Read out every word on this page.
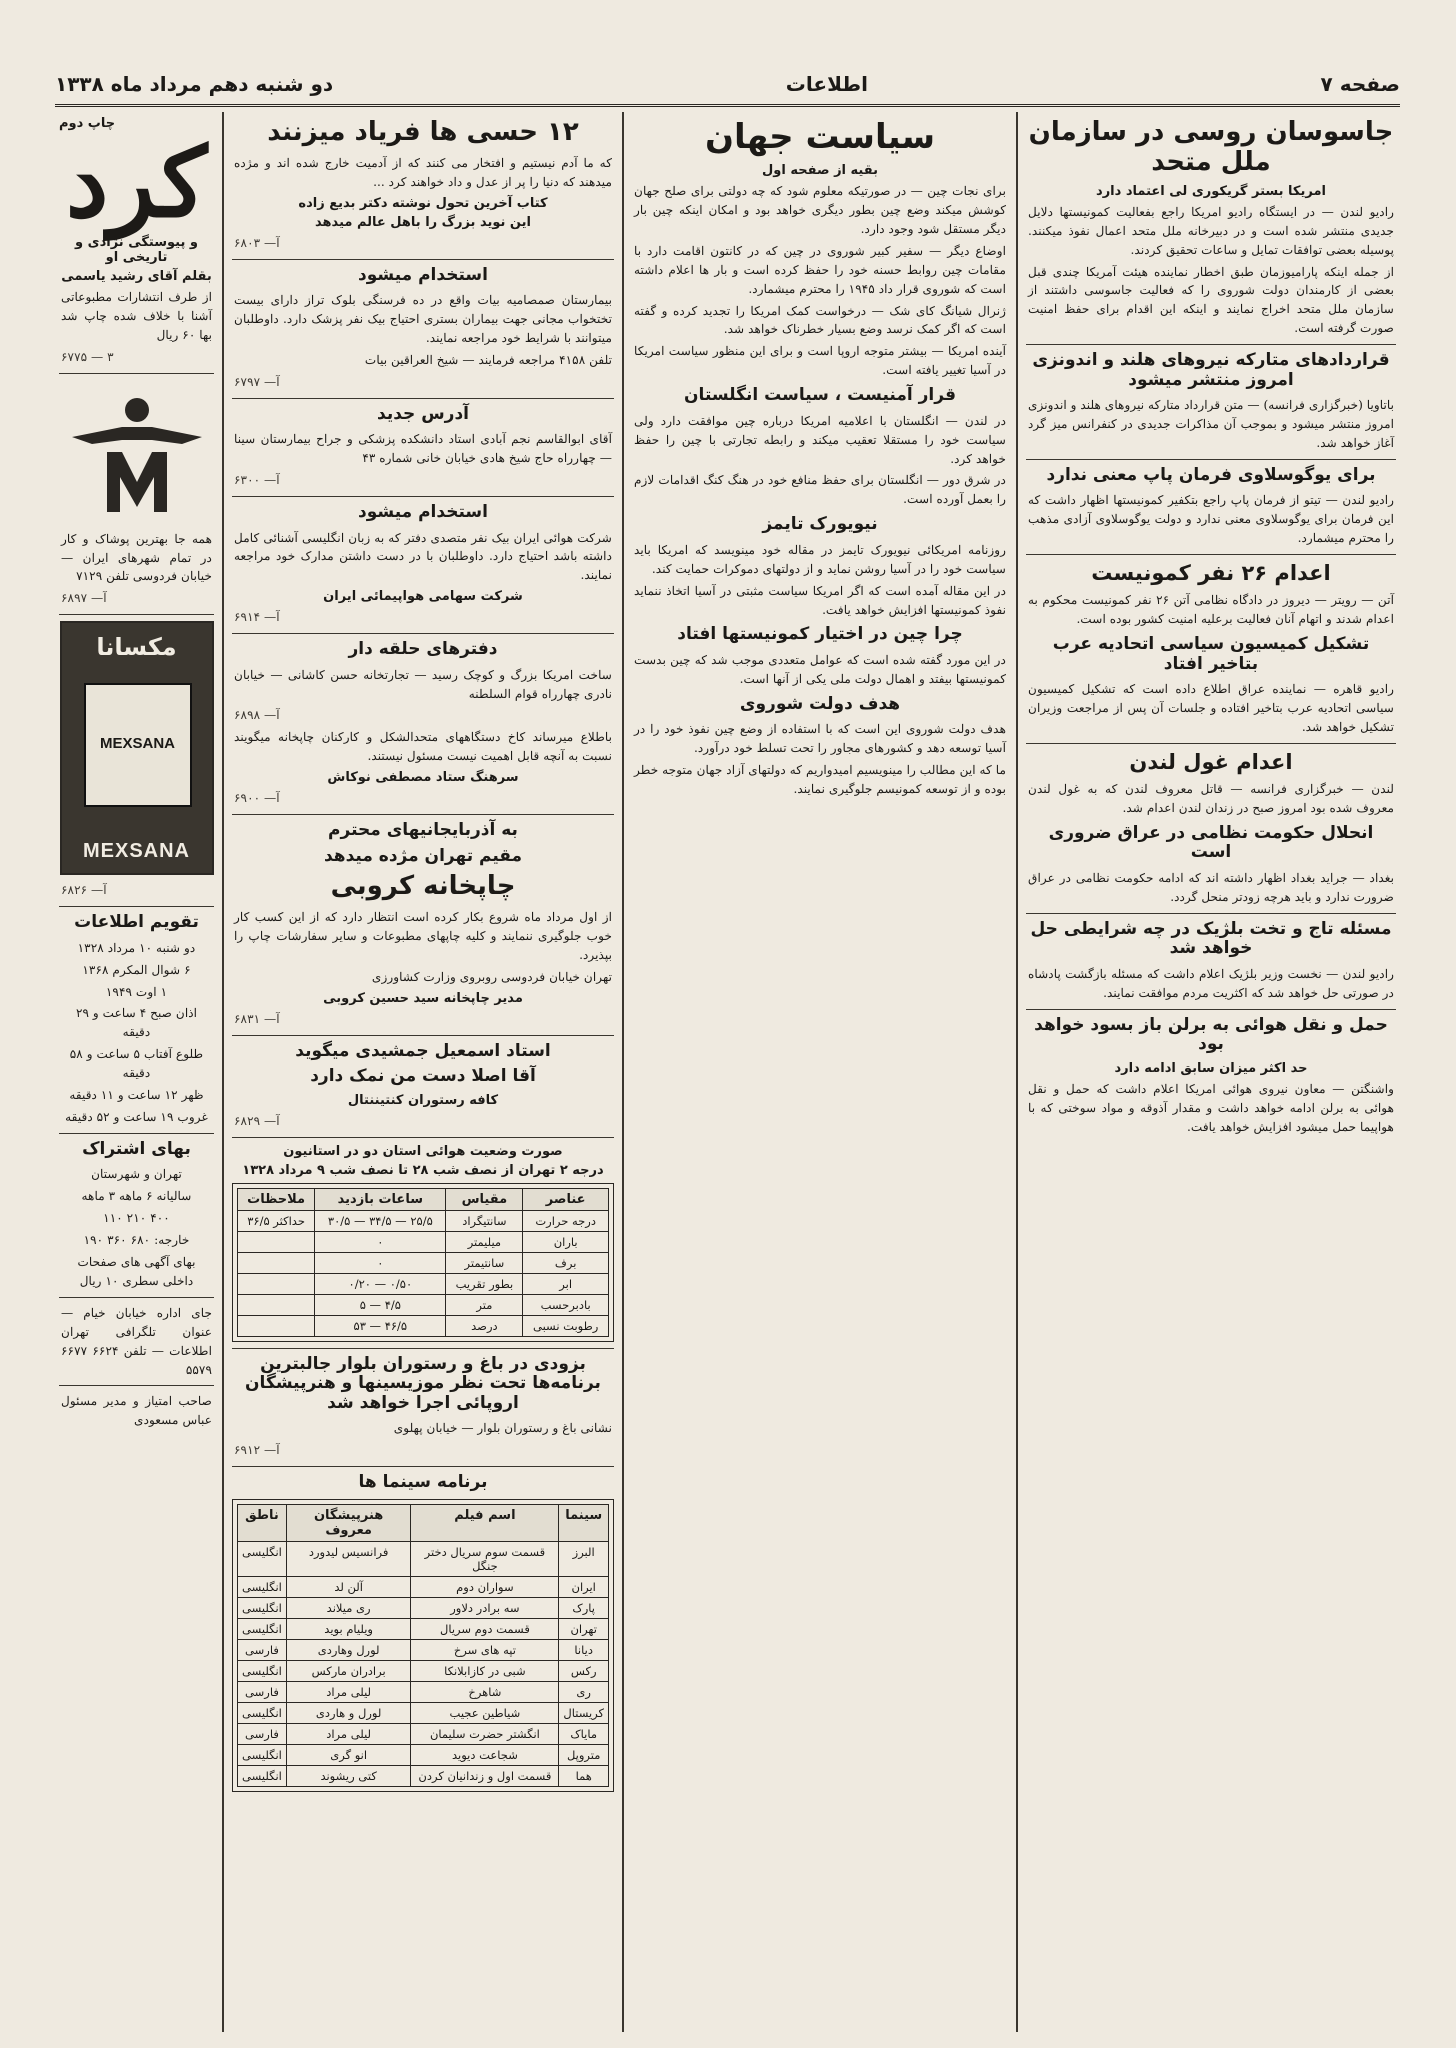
صفحه ۷
اطلاعات
دو شنبه دهم مرداد ماه ۱۳۳۸
جاسوسان روسی در سازمان ملل متحد
امریکا بستر گریکوری لی اعتماد دارد
رادیو لندن — در ایستگاه رادیو امریکا راجع بفعالیت کمونیستها دلایل جدیدی منتشر شده است و در دبیرخانه ملل متحد اعمال نفوذ میکنند. پوسیله بعضی توافقات تمایل و ساعات تحقیق کردند.
از جمله اینکه پارامیوزمان طبق اخطار نماینده هیئت آمریکا چندی قبل بعضی از کارمندان دولت شوروی را که فعالیت جاسوسی داشتند از سازمان ملل متحد اخراج نمایند و اینکه این اقدام برای حفظ امنیت صورت گرفته است.
قراردادهای متارکه نیروهای هلند و اندونزی امروز منتشر میشود
باتاویا (خبرگزاری فرانسه) — متن قرارداد متارکه نیروهای هلند و اندونزی امروز منتشر میشود و بموجب آن مذاکرات جدیدی در کنفرانس میز گرد آغاز خواهد شد.
برای یوگوسلاوی فرمان پاپ معنی ندارد
رادیو لندن — تیتو از فرمان پاپ راجع بتکفیر کمونیستها اظهار داشت که این فرمان برای یوگوسلاوی معنی ندارد و دولت یوگوسلاوی آزادی مذهب را محترم میشمارد.
اعدام ۲۶ نفر کمونیست
آتن — رویتر — دیروز در دادگاه نظامی آتن ۲۶ نفر کمونیست محکوم به اعدام شدند و اتهام آنان فعالیت برعلیه امنیت کشور بوده است.
تشکیل کمیسیون سیاسی اتحادیه عرب بتاخیر افتاد
رادیو قاهره — نماینده عراق اطلاع داده است که تشکیل کمیسیون سیاسی اتحادیه عرب بتاخیر افتاده و جلسات آن پس از مراجعت وزیران تشکیل خواهد شد.
اعدام غول لندن
لندن — خبرگزاری فرانسه — قاتل معروف لندن که به غول لندن معروف شده بود امروز صبح در زندان لندن اعدام شد.
انحلال حکومت نظامی در عراق ضروری است
بغداد — جراید بغداد اظهار داشته اند که ادامه حکومت نظامی در عراق ضرورت ندارد و باید هرچه زودتر منحل گردد.
مسئله تاج و تخت بلژیک در چه شرایطی حل خواهد شد
رادیو لندن — نخست وزیر بلژیک اعلام داشت که مسئله بازگشت پادشاه در صورتی حل خواهد شد که اکثریت مردم موافقت نمایند.
حمل و نقل هوائی به برلن باز بسود خواهد بود
حد اکثر میزان سابق ادامه دارد
واشنگتن — معاون نیروی هوائی امریکا اعلام داشت که حمل و نقل هوائی به برلن ادامه خواهد داشت و مقدار آذوقه و مواد سوختی که با هواپیما حمل میشود افزایش خواهد یافت.
سیاست جهان
بقیه از صفحه اول
برای نجات چین — در صورتیکه معلوم شود که چه دولتی برای صلح جهان کوشش میکند وضع چین بطور دیگری خواهد بود و امکان اینکه چین بار دیگر مستقل شود وجود دارد.
اوضاع دیگر — سفیر کبیر شوروی در چین که در کانتون اقامت دارد با مقامات چین روابط حسنه خود را حفظ کرده است و بار ها اعلام داشته است که شوروی قرار داد ۱۹۴۵ را محترم میشمارد.
ژنرال شیانگ کای شک — درخواست کمک امریکا را تجدید کرده و گفته است که اگر کمک نرسد وضع بسیار خطرناک خواهد شد.
آینده امریکا — بیشتر متوجه اروپا است و برای این منظور سیاست امریکا در آسیا تغییر یافته است.
قرار آمنیست ، سیاست انگلستان
در لندن — انگلستان با اعلامیه امریکا درباره چین موافقت دارد ولی سیاست خود را مستقلا تعقیب میکند و رابطه تجارتی با چین را حفظ خواهد کرد.
در شرق دور — انگلستان برای حفظ منافع خود در هنگ کنگ اقدامات لازم را بعمل آورده است.
نیویورک تایمز
روزنامه امریکائی نیویورک تایمز در مقاله خود مینویسد که امریکا باید سیاست خود را در آسیا روشن نماید و از دولتهای دموکرات حمایت کند.
در این مقاله آمده است که اگر امریکا سیاست مثبتی در آسیا اتخاذ ننماید نفوذ کمونیستها افزایش خواهد یافت.
چرا چین در اختیار کمونیستها افتاد
در این مورد گفته شده است که عوامل متعددی موجب شد که چین بدست کمونیستها بیفتد و اهمال دولت ملی یکی از آنها است.
هدف دولت شوروی
هدف دولت شوروی این است که با استفاده از وضع چین نفوذ خود را در آسیا توسعه دهد و کشورهای مجاور را تحت تسلط خود درآورد.
ما که این مطالب را مینویسیم امیدواریم که دولتهای آزاد جهان متوجه خطر بوده و از توسعه کمونیسم جلوگیری نمایند.
۱۲ حسی ها فریاد میزنند
که ما آدم نیستیم و افتخار می کنند که از آدمیت خارج شده اند و مژده میدهند که دنیا را پر از عدل و داد خواهند کرد ...
کتاب آخرین تحول نوشته دکتر بدیع زاده
این نوید بزرگ را باهل عالم میدهد
آ— ۶۸۰۳
استخدام میشود
بیمارستان صمصامیه بیات واقع در ده فرسنگی بلوک تراز دارای بیست تختخواب مجانی جهت بیماران بستری احتیاج بیک نفر پزشک دارد. داوطلبان میتوانند با شرایط خود مراجعه نمایند.
تلفن ۴۱۵۸ مراجعه فرمایند — شیخ العراقین بیات
آ— ۶۷۹۷
آدرس جدید
آقای ابوالقاسم نجم آبادی استاد دانشکده پزشکی و جراح بیمارستان سینا — چهارراه حاج شیخ هادی خیابان خانی شماره ۴۳
آ— ۶۳۰۰
استخدام میشود
شرکت هوائی ایران بیک نفر متصدی دفتر که به زبان انگلیسی آشنائی کامل داشته باشد احتیاج دارد. داوطلبان با در دست داشتن مدارک خود مراجعه نمایند.
شرکت سهامی هواپیمائی ایران
آ— ۶۹۱۴
دفترهای حلقه دار
ساخت امریکا بزرگ و کوچک رسید — تجارتخانه حسن کاشانی — خیابان نادری چهارراه قوام السلطنه
آ— ۶۸۹۸
باطلاع میرساند کاخ دستگاههای متحدالشکل و کارکنان چاپخانه میگویند نسبت به آنچه قابل اهمیت نیست مسئول نیستند.
سرهنگ ستاد مصطفی نوکاش
آ— ۶۹۰۰
به آذربایجانیهای محترم
مقیم تهران مژده میدهد
چاپخانه کروبی
از اول مرداد ماه شروع بکار کرده است انتظار دارد که از این کسب کار خوب جلوگیری ننمایند و کلیه چاپهای مطبوعات و سایر سفارشات چاپ را بپذیرد.
تهران خیابان فردوسی روبروی وزارت کشاورزی
مدیر چاپخانه سید حسین کروبی
آ— ۶۸۳۱
استاد اسمعیل جمشیدی میگوید
آقا اصلا دست من نمک دارد
کافه رستوران کنتیننتال
آ— ۶۸۲۹
صورت وضعیت هوائی استان دو در استانیون
درجه ۲ تهران از نصف شب ۲۸ تا نصف شب ۹ مرداد ۱۳۲۸
عناصر	مقیاس	ساعات بازدید	ملاحظات
درجه حرارت	سانتیگراد	۲۵/۵ — ۳۴/۵ — ۳۰/۵	حداکثر ۳۶/۵
باران	میلیمتر	۰	
برف	سانتیمتر	۰	
ابر	بطور تقریب	۰/۵۰ — ۰/۲۰	
بادبرحسب	متر	۴/۵ — ۵	
رطوبت نسبی	درصد	۴۶/۵ — ۵۳	
بزودی در باغ و رستوران بلوار جالبترین برنامه‌ها تحت نظر موزیسینها و هنرپیشگان اروپائی اجرا خواهد شد
نشانی باغ و رستوران بلوار — خیابان پهلوی
آ— ۶۹۱۲
برنامه سینما ها
سینما	اسم فیلم	هنرپیشگان معروف	ناطق
البرز	قسمت سوم سریال دختر جنگل	فرانسیس لیدورد	انگلیسی
ایران	سواران دوم	آلن لد	انگلیسی
پارک	سه برادر دلاور	ری میلاند	انگلیسی
تهران	قسمت دوم سریال	ویلیام بوید	انگلیسی
دیانا	تپه های سرخ	لورل وهاردی	فارسی
رکس	شبی در کازابلانکا	برادران مارکس	انگلیسی
ری	شاهرخ	لیلی مراد	فارسی
کریستال	شیاطین عجیب	لورل و هاردی	انگلیسی
مایاک	انگشتر حضرت سلیمان	لیلی مراد	فارسی
متروپل	شجاعت دیوید	انو گری	انگلیسی
هما	قسمت اول و زندانیان کردن	کتی ریشوند	انگلیسی
چاپ دوم
کرد
و پیوستگی نژادی و تاریخی او
بقلم آقای رشید یاسمی
از طرف انتشارات مطبوعاتی آشنا با خلاف شده چاپ شد بها ۶۰ ریال
۳ — ۶۷۷۵
همه جا بهترین پوشاک و کار در تمام شهرهای ایران — خیابان فردوسی تلفن ۷۱۲۹
آ— ۶۸۹۷
مکسانا
MEXSANA
MEXSANA
آ— ۶۸۲۶
تقویم اطلاعات
دو شنبه ۱۰ مرداد ۱۳۲۸
۶ شوال المکرم ۱۳۶۸
۱ اوت ۱۹۴۹
اذان صبح ۴ ساعت و ۲۹ دقیقه
طلوع آفتاب ۵ ساعت و ۵۸ دقیقه
ظهر ۱۲ ساعت و ۱۱ دقیقه
غروب ۱۹ ساعت و ۵۲ دقیقه
بهای اشتراک
تهران و شهرستان
سالیانه ۶ ماهه ۳ ماهه
۴۰۰ ۲۱۰ ۱۱۰
خارجه: ۶۸۰ ۳۶۰ ۱۹۰
بهای آگهی های صفحات داخلی سطری ۱۰ ریال
جای اداره خیابان خیام — عنوان تلگرافی تهران اطلاعات — تلفن ۶۶۲۴ ۶۶۷۷ ۵۵۷۹
صاحب امتیاز و مدیر مسئول عباس مسعودی
